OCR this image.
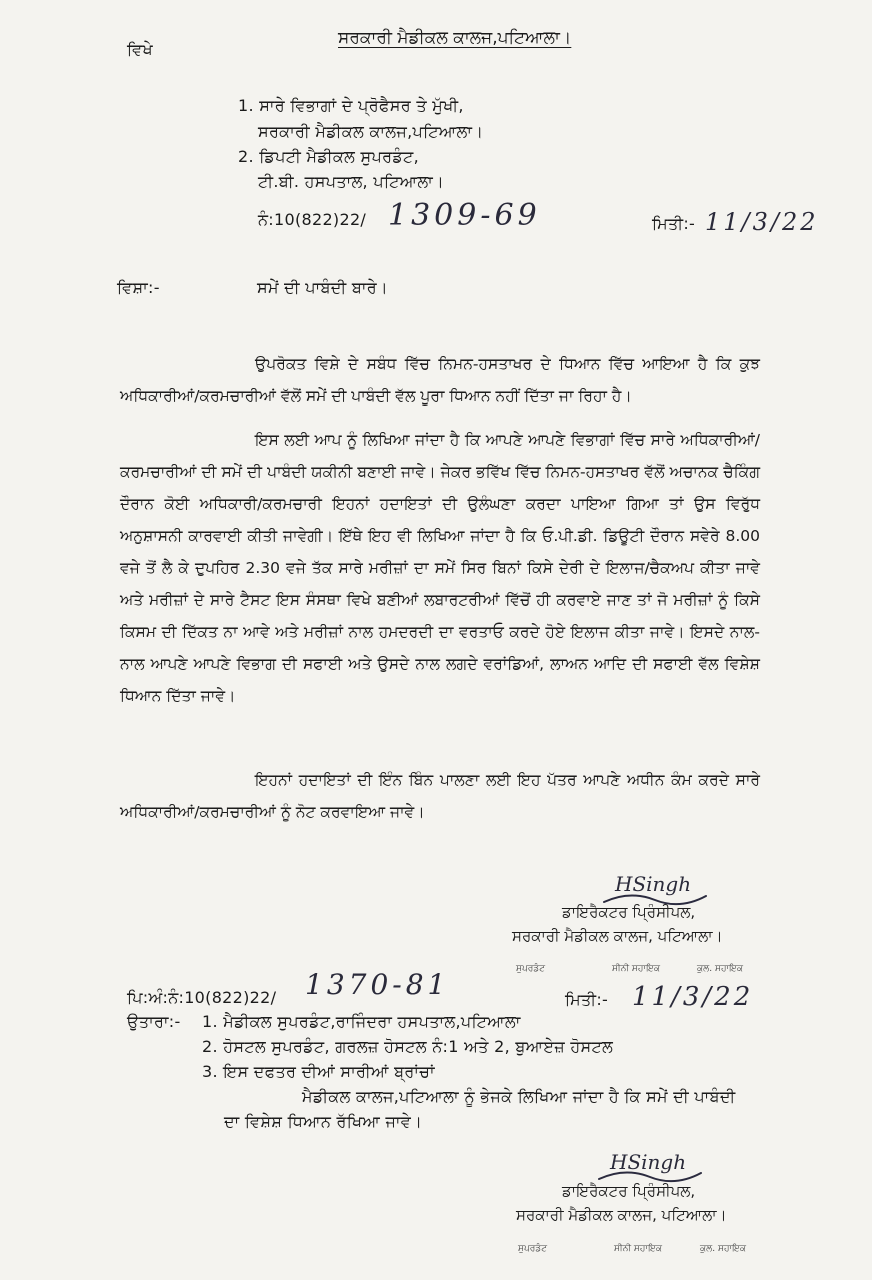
ਵਿਖੇ
ਸਰਕਾਰੀ ਮੈਡੀਕਲ ਕਾਲਜ,ਪਟਿਆਲਾ।
1. ਸਾਰੇ ਵਿਭਾਗਾਂ ਦੇ ਪ੍ਰੋਫੈਸਰ ਤੇ ਮੁੱਖੀ,
ਸਰਕਾਰੀ ਮੈਡੀਕਲ ਕਾਲਜ,ਪਟਿਆਲਾ।
2. ਡਿਪਟੀ ਮੈਡੀਕਲ ਸੁਪਰਡੰਟ,
ਟੀ.ਬੀ. ਹਸਪਤਾਲ, ਪਟਿਆਲਾ।
ਨੰ:10(822)22/ 1309-69	ਮਿਤੀ:- 11/3/22
ਵਿਸ਼ਾ:-	ਸਮੇਂ ਦੀ ਪਾਬੰਦੀ ਬਾਰੇ।
ਉਪਰੋਕਤ ਵਿਸ਼ੇ ਦੇ ਸਬੰਧ ਵਿੱਚ ਨਿਮਨ-ਹਸਤਾਖਰ ਦੇ ਧਿਆਨ ਵਿੱਚ ਆਇਆ ਹੈ ਕਿ ਕੁਝ ਅਧਿਕਾਰੀਆਂ/ਕਰਮਚਾਰੀਆਂ ਵੱਲੋਂ ਸਮੇਂ ਦੀ ਪਾਬੰਦੀ ਵੱਲ ਪੂਰਾ ਧਿਆਨ ਨਹੀਂ ਦਿੱਤਾ ਜਾ ਰਿਹਾ ਹੈ।
ਇਸ ਲਈ ਆਪ ਨੂੰ ਲਿਖਿਆ ਜਾਂਦਾ ਹੈ ਕਿ ਆਪਣੇ ਆਪਣੇ ਵਿਭਾਗਾਂ ਵਿੱਚ ਸਾਰੇ ਅਧਿਕਾਰੀਆਂ/ਕਰਮਚਾਰੀਆਂ ਦੀ ਸਮੇਂ ਦੀ ਪਾਬੰਦੀ ਯਕੀਨੀ ਬਣਾਈ ਜਾਵੇ। ਜੇਕਰ ਭਵਿੱਖ ਵਿੱਚ ਨਿਮਨ-ਹਸਤਾਖਰ ਵੱਲੋਂ ਅਚਾਨਕ ਚੈਕਿੰਗ ਦੌਰਾਨ ਕੋਈ ਅਧਿਕਾਰੀ/ਕਰਮਚਾਰੀ ਇਹਨਾਂ ਹਦਾਇਤਾਂ ਦੀ ਉਲੰਘਣਾ ਕਰਦਾ ਪਾਇਆ ਗਿਆ ਤਾਂ ਉਸ ਵਿਰੁੱਧ ਅਨੁਸ਼ਾਸਨੀ ਕਾਰਵਾਈ ਕੀਤੀ ਜਾਵੇਗੀ। ਇੱਥੇ ਇਹ ਵੀ ਲਿਖਿਆ ਜਾਂਦਾ ਹੈ ਕਿ ਓ.ਪੀ.ਡੀ. ਡਿਊਟੀ ਦੌਰਾਨ ਸਵੇਰੇ 8.00 ਵਜੇ ਤੋਂ ਲੈ ਕੇ ਦੁਪਹਿਰ 2.30 ਵਜੇ ਤੱਕ ਸਾਰੇ ਮਰੀਜ਼ਾਂ ਦਾ ਸਮੇਂ ਸਿਰ ਬਿਨਾਂ ਕਿਸੇ ਦੇਰੀ ਦੇ ਇਲਾਜ/ਚੈਕਅਪ ਕੀਤਾ ਜਾਵੇ ਅਤੇ ਮਰੀਜ਼ਾਂ ਦੇ ਸਾਰੇ ਟੈਸਟ ਇਸ ਸੰਸਥਾ ਵਿਖੇ ਬਣੀਆਂ ਲਬਾਰਟਰੀਆਂ ਵਿੱਚੋਂ ਹੀ ਕਰਵਾਏ ਜਾਣ ਤਾਂ ਜੋ ਮਰੀਜ਼ਾਂ ਨੂੰ ਕਿਸੇ ਕਿਸਮ ਦੀ ਦਿੱਕਤ ਨਾ ਆਵੇ ਅਤੇ ਮਰੀਜ਼ਾਂ ਨਾਲ ਹਮਦਰਦੀ ਦਾ ਵਰਤਾਓ ਕਰਦੇ ਹੋਏ ਇਲਾਜ ਕੀਤਾ ਜਾਵੇ। ਇਸਦੇ ਨਾਲ-ਨਾਲ ਆਪਣੇ ਆਪਣੇ ਵਿਭਾਗ ਦੀ ਸਫਾਈ ਅਤੇ ਉਸਦੇ ਨਾਲ ਲਗਦੇ ਵਰਾਂਡਿਆਂ, ਲਾਅਨ ਆਦਿ ਦੀ ਸਫਾਈ ਵੱਲ ਵਿਸ਼ੇਸ਼ ਧਿਆਨ ਦਿੱਤਾ ਜਾਵੇ।
ਇਹਨਾਂ ਹਦਾਇਤਾਂ ਦੀ ਇੰਨ ਬਿੰਨ ਪਾਲਣਾ ਲਈ ਇਹ ਪੱਤਰ ਆਪਣੇ ਅਧੀਨ ਕੰਮ ਕਰਦੇ ਸਾਰੇ ਅਧਿਕਾਰੀਆਂ/ਕਰਮਚਾਰੀਆਂ ਨੂੰ ਨੋਟ ਕਰਵਾਇਆ ਜਾਵੇ।
HSingh
ਡਾਇਰੈਕਟਰ ਪ੍ਰਿੰਸੀਪਲ,
ਸਰਕਾਰੀ ਮੈਡੀਕਲ ਕਾਲਜ, ਪਟਿਆਲਾ।
ਸੁਪਰਡੰਟ	ਸੀਨੀ ਸਹਾਇਕ	ਕੁਲ. ਸਹਾਇਕ
ਪਿ:ਅੰ:ਨੰ:10(822)22/ 1370-81	ਮਿਤੀ:- 11/3/22
ਉਤਾਰਾ:- 1. ਮੈਡੀਕਲ ਸੁਪਰਡੰਟ,ਰਾਜਿੰਦਰਾ ਹਸਪਤਾਲ,ਪਟਿਆਲਾ
2. ਹੋਸਟਲ ਸੁਪਰਡੰਟ, ਗਰਲਜ਼ ਹੋਸਟਲ ਨੰ:1 ਅਤੇ 2, ਬੁਆਏਜ਼ ਹੋਸਟਲ
3. ਇਸ ਦਫਤਰ ਦੀਆਂ ਸਾਰੀਆਂ ਬ੍ਰਾਂਚਾਂ
ਮੈਡੀਕਲ ਕਾਲਜ,ਪਟਿਆਲਾ ਨੂੰ ਭੇਜਕੇ ਲਿਖਿਆ ਜਾਂਦਾ ਹੈ ਕਿ ਸਮੇਂ ਦੀ ਪਾਬੰਦੀ
ਦਾ ਵਿਸ਼ੇਸ਼ ਧਿਆਨ ਰੱਖਿਆ ਜਾਵੇ।
HSingh
ਡਾਇਰੈਕਟਰ ਪ੍ਰਿੰਸੀਪਲ,
ਸਰਕਾਰੀ ਮੈਡੀਕਲ ਕਾਲਜ, ਪਟਿਆਲਾ।
ਸੁਪਰਡੰਟ	ਸੀਨੀ ਸਹਾਇਕ	ਕੁਲ. ਸਹਾਇਕ
